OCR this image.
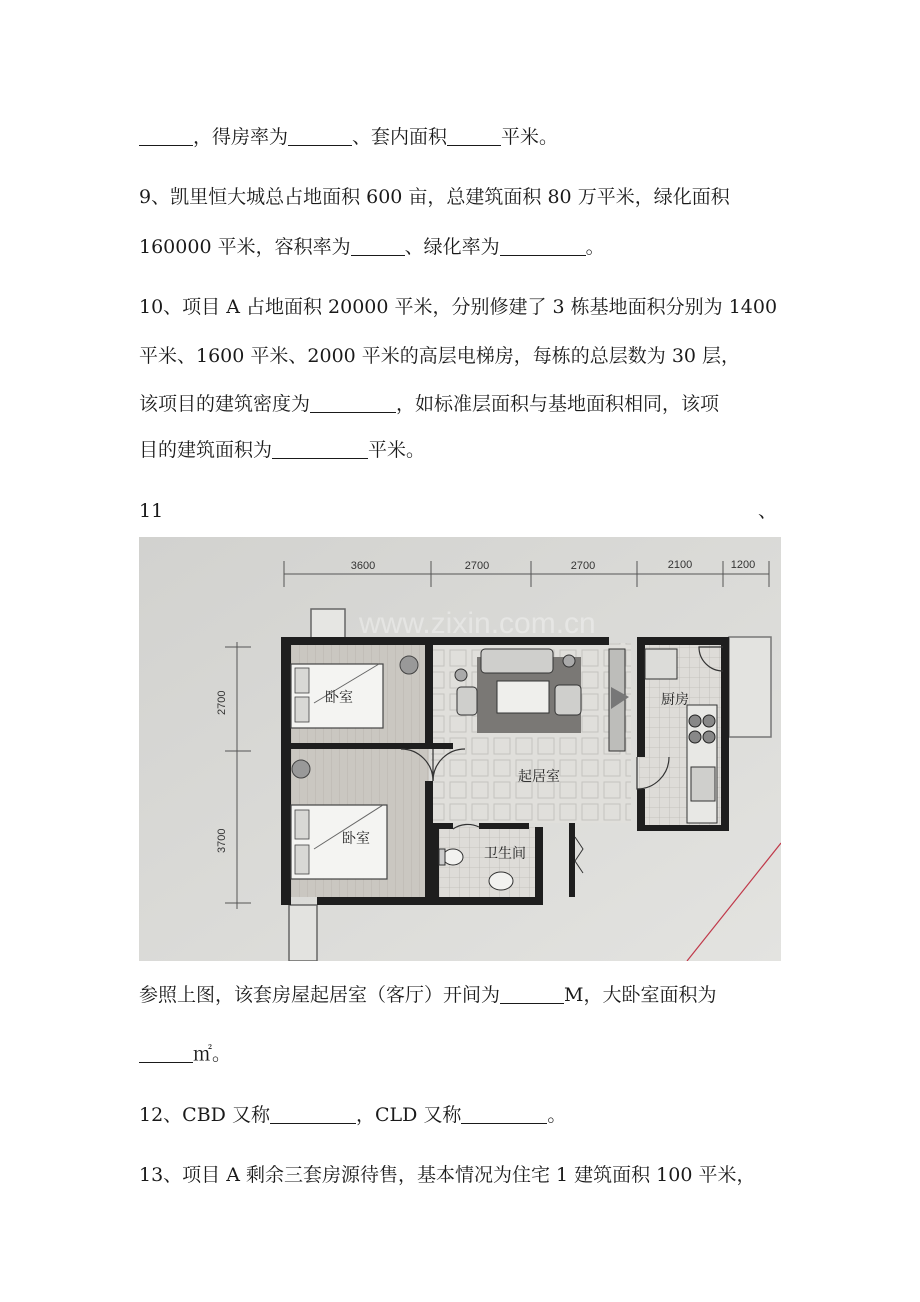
，得房率为	、套内面积	平米。
9、凯里恒大城总占地面积 600 亩，总建筑面积 80 万平米，绿化面积
160000 平米，容积率为	、绿化率为	。
10、项目 A 占地面积 20000 平米，分别修建了 3 栋基地面积分别为 1400
平米、1600 平米、2000 平米的高层电梯房，每栋的总层数为 30 层，
该项目的建筑密度为	，如标准层面积与基地面积相同，该项
目的建筑面积为	平米。
11	、
3600	2700	2700	2100	1200
2700
3700
卧室
卧室
起居室
厨房
卫生间
www.zixin.com.cn
参照上图，该套房屋起居室（客厅）开间为	M，大卧室面积为
㎡。
12、CBD 又称	，CLD 又称	。
13、项目 A 剩余三套房源待售，基本情况为住宅 1 建筑面积 100 平米，
